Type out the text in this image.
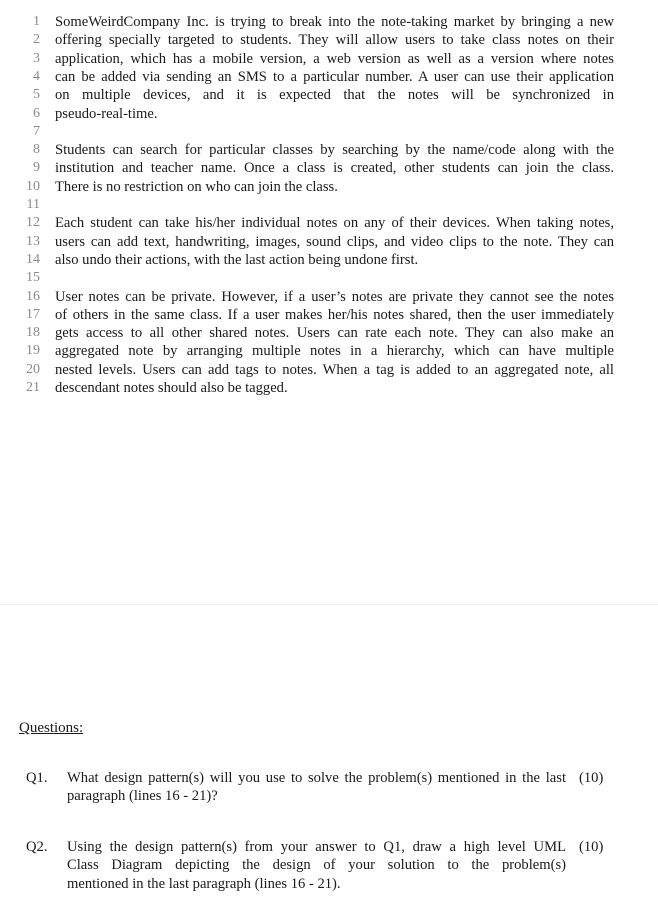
1 SomeWeirdCompany Inc. is trying to break into the note-taking market by bringing a new
2 offering specially targeted to students. They will allow users to take class notes on their
3 application, which has a mobile version, a web version as well as a version where notes
4 can be added via sending an SMS to a particular number. A user can use their application
5 on multiple devices, and it is expected that the notes will be synchronized in
6 pseudo-real-time.
7
8 Students can search for particular classes by searching by the name/code along with the
9 institution and teacher name. Once a class is created, other students can join the class.
10 There is no restriction on who can join the class.
11
12 Each student can take his/her individual notes on any of their devices. When taking notes,
13 users can add text, handwriting, images, sound clips, and video clips to the note. They can
14 also undo their actions, with the last action being undone first.
15
16 User notes can be private. However, if a user’s notes are private they cannot see the notes
17 of others in the same class. If a user makes her/his notes shared, then the user immediately
18 gets access to all other shared notes. Users can rate each note. They can also make an
19 aggregated note by arranging multiple notes in a hierarchy, which can have multiple
20 nested levels. Users can add tags to notes. When a tag is added to an aggregated note, all
21 descendant notes should also be tagged.
Questions:
Q1. What design pattern(s) will you use to solve the problem(s) mentioned in the last
paragraph (lines 16 - 21)?
(10)
Q2. Using the design pattern(s) from your answer to Q1, draw a high level UML
Class Diagram depicting the design of your solution to the problem(s)
mentioned in the last paragraph (lines 16 - 21).
(10)
